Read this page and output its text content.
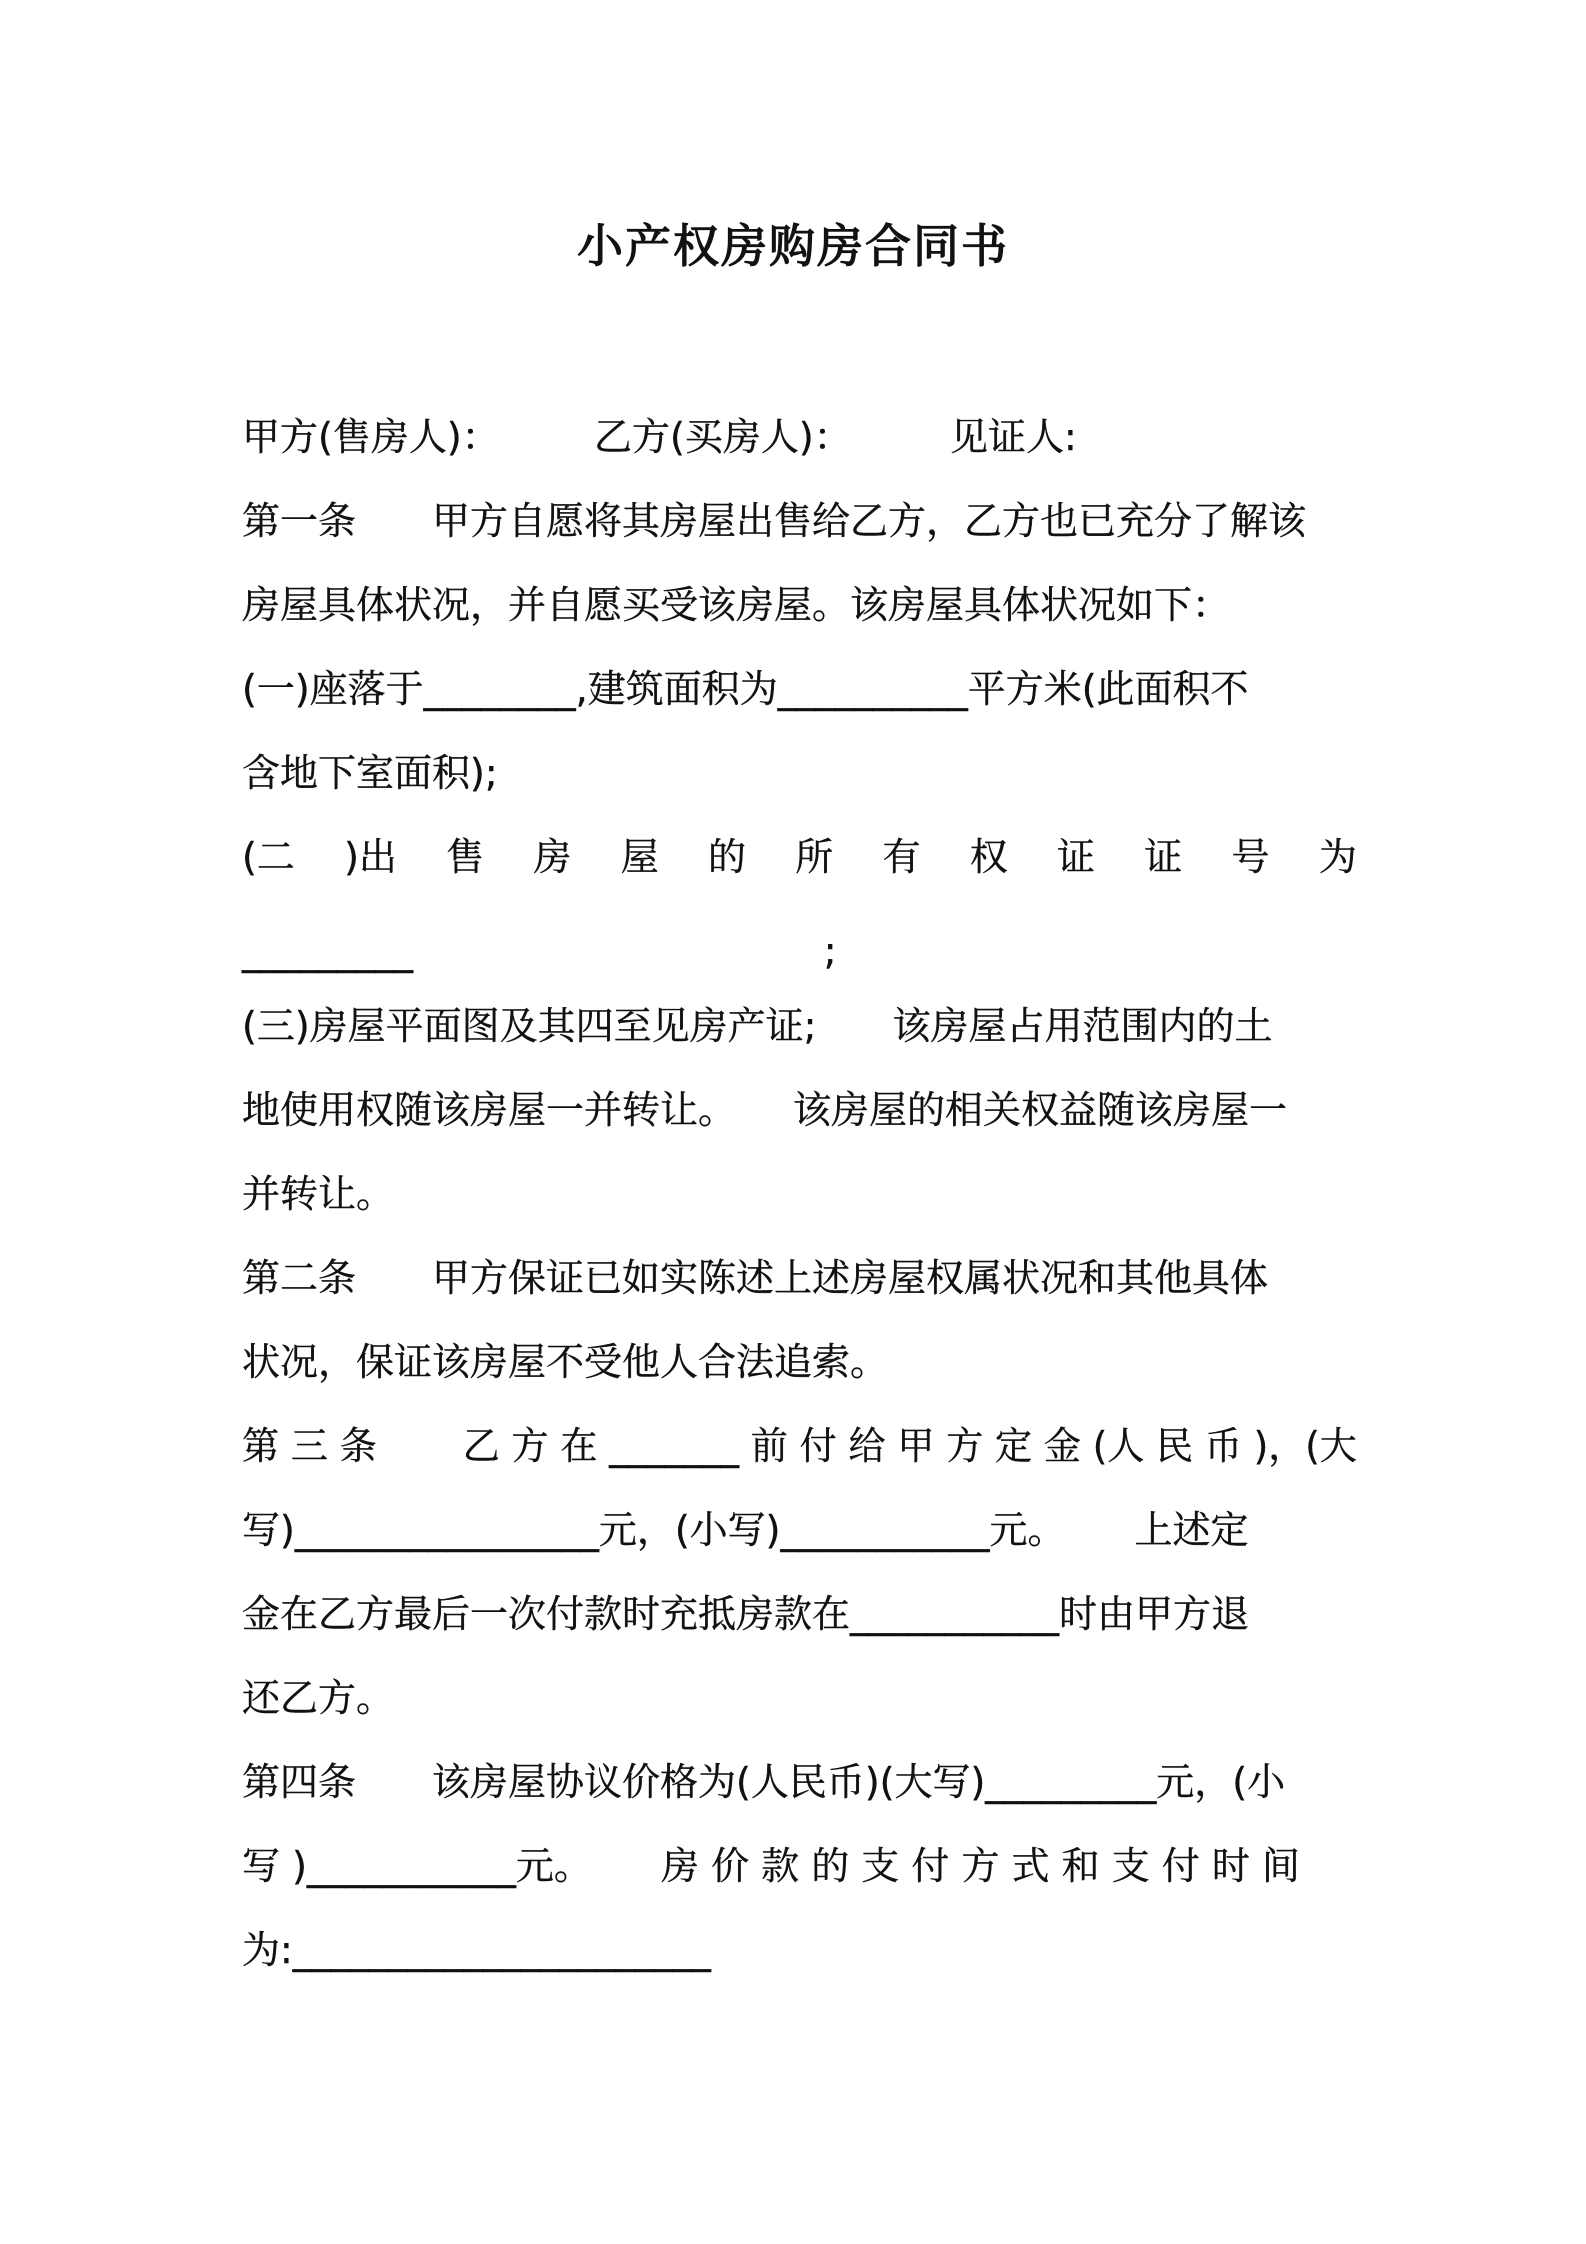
小产权房购房合同书
甲方(售房人)：	乙方(买房人)：	见证人:
第一条　　甲方自愿将其房屋出售给乙方，乙方也已充分了解该
房屋具体状况，并自愿买受该房屋。该房屋具体状况如下：
(一)座落于________,建筑面积为__________平方米(此面积不
含地下室面积);
(二 )出 售 房 屋 的 所 有 权 证 证 号 为
_________                                  ;
(三)房屋平面图及其四至见房产证;　　该房屋占用范围内的土
地使用权随该房屋一并转让。　　该房屋的相关权益随该房屋一
并转让。
第二条　　甲方保证已如实陈述上述房屋权属状况和其他具体
状况，保证该房屋不受他人合法追索。
第 三 条　　 乙 方 在 _______ 前 付 给 甲 方 定 金 (人 民 币 )，(大
写)________________元，(小写)___________元。　　 上述定
金在乙方最后一次付款时充抵房款在___________时由甲方退
还乙方。
第四条　　该房屋协议价格为(人民币)(大写)_________元，(小
写 )___________元。　　 房 价 款 的 支 付 方 式 和 支 付 时 间
为:______________________
